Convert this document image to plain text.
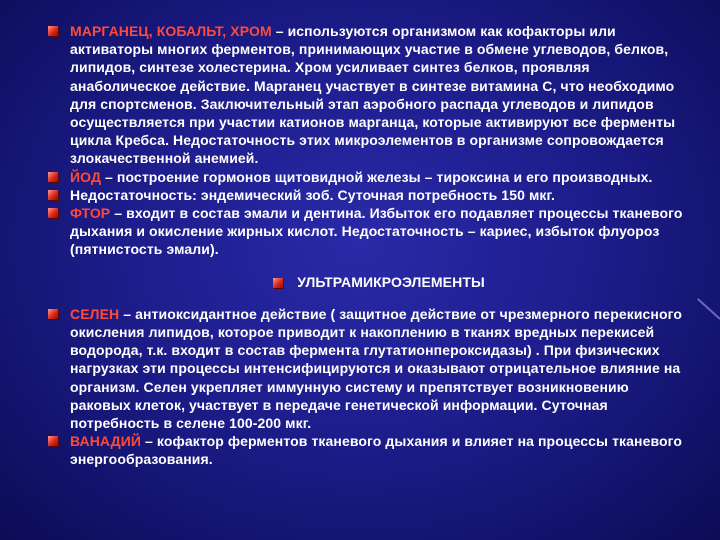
МАРГАНЕЦ, КОБАЛЬТ, ХРОМ – используются организмом как кофакторы или активаторы многих ферментов, принимающих участие в обмене углеводов, белков, липидов, синтезе холестерина. Хром усиливает синтез белков, проявляя анаболическое действие. Марганец участвует в синтезе витамина С, что необходимо для спортсменов. Заключительный этап аэробного распада углеводов и липидов осуществляется при участии катионов марганца, которые активируют все ферменты цикла Кребса. Недостаточность этих микроэлементов в организме сопровождается злокачественной анемией.

ЙОД – построение гормонов щитовидной железы – тироксина и его производных.

Недостаточность: эндемический зоб. Суточная потребность 150 мкг.

ФТОР – входит в состав эмали и дентина. Избыток его подавляет процессы тканевого дыхания и окисление жирных кислот. Недостаточность – кариес, избыток флуороз (пятнистость эмали).

УЛЬТРАМИКРОЭЛЕМЕНТЫ

СЕЛЕН – антиоксидантное действие ( защитное действие от чрезмерного перекисного окисления липидов, которое приводит к накоплению в тканях вредных перекисей водорода, т.к. входит в состав фермента глутатионпероксидазы) . При физических нагрузках эти процессы интенсифицируются и оказывают отрицательное влияние на организм. Селен укрепляет иммунную систему и препятствует возникновению раковых клеток, участвует в передаче генетической информации. Суточная потребность в селене 100-200 мкг.

ВАНАДИЙ – кофактор ферментов тканевого дыхания и влияет на процессы тканевого энергообразования.
